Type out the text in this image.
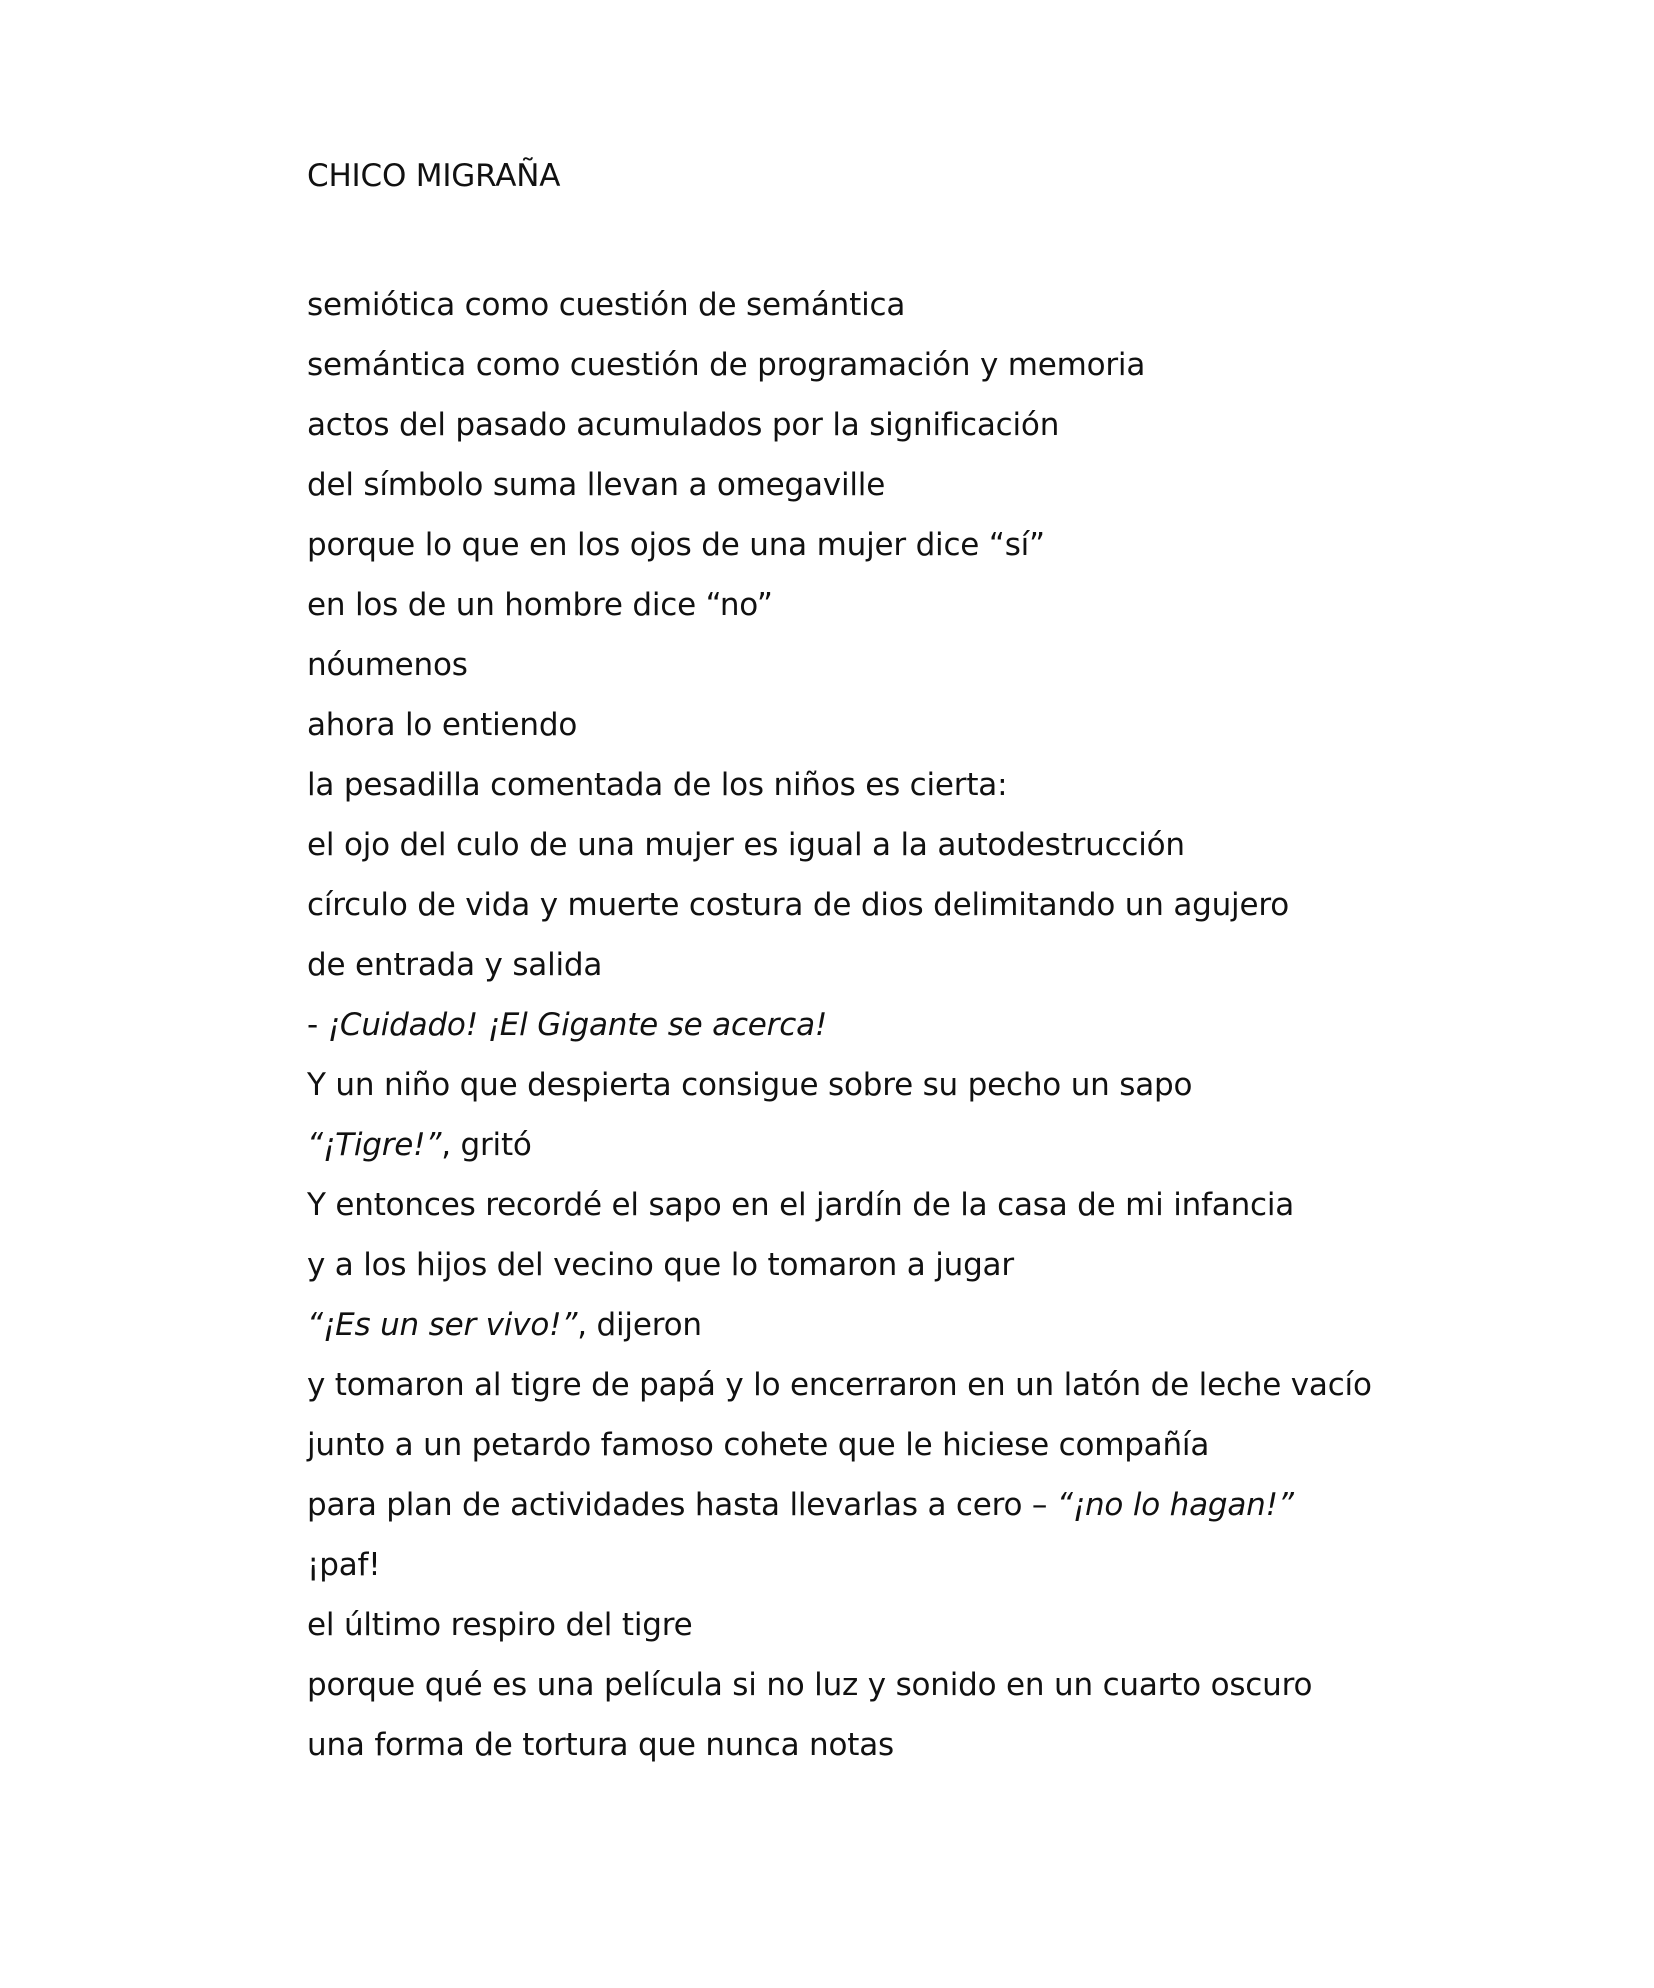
CHICO MIGRAÑA
semiótica como cuestión de semántica
semántica como cuestión de programación y memoria
actos del pasado acumulados por la significación
del símbolo suma llevan a omegaville
porque lo que en los ojos de una mujer dice “sí”
en los de un hombre dice “no”
nóumenos
ahora lo entiendo
la pesadilla comentada de los niños es cierta:
el ojo del culo de una mujer es igual a la autodestrucción
círculo de vida y muerte costura de dios delimitando un agujero
de entrada y salida
- ¡Cuidado! ¡El Gigante se acerca!
Y un niño que despierta consigue sobre su pecho un sapo
“¡Tigre!”, gritó
Y entonces recordé el sapo en el jardín de la casa de mi infancia
y a los hijos del vecino que lo tomaron a jugar
“¡Es un ser vivo!”, dijeron
y tomaron al tigre de papá y lo encerraron en un latón de leche vacío
junto a un petardo famoso cohete que le hiciese compañía
para plan de actividades hasta llevarlas a cero – “¡no lo hagan!”
¡paf!
el último respiro del tigre
porque qué es una película si no luz y sonido en un cuarto oscuro
una forma de tortura que nunca notas
